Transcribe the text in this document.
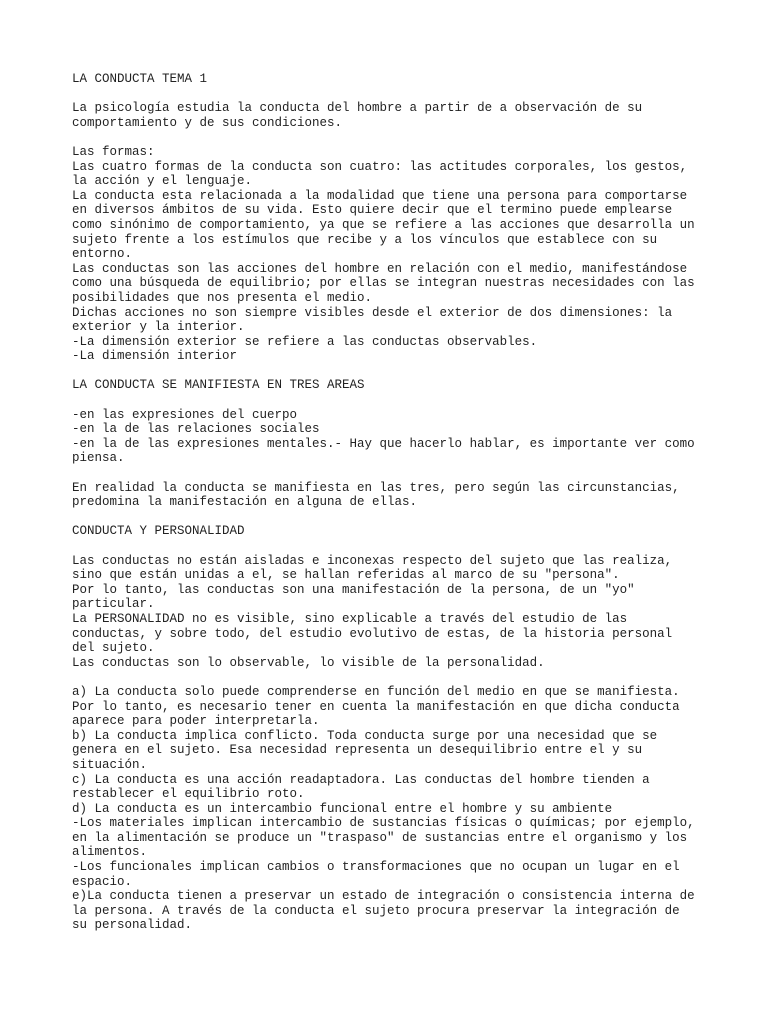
LA CONDUCTA TEMA 1
La psicología estudia la conducta del hombre a partir de a observación de su
comportamiento y de sus condiciones.
Las formas:
Las cuatro formas de la conducta son cuatro: las actitudes corporales, los gestos,
la acción y el lenguaje.
La conducta esta relacionada a la modalidad que tiene una persona para comportarse
en diversos ámbitos de su vida. Esto quiere decir que el termino puede emplearse
como sinónimo de comportamiento, ya que se refiere a las acciones que desarrolla un
sujeto frente a los estímulos que recibe y a los vínculos que establece con su
entorno.
Las conductas son las acciones del hombre en relación con el medio, manifestándose
como una búsqueda de equilibrio; por ellas se integran nuestras necesidades con las
posibilidades que nos presenta el medio.
Dichas acciones no son siempre visibles desde el exterior de dos dimensiones: la
exterior y la interior.
-La dimensión exterior se refiere a las conductas observables.
-La dimensión interior
LA CONDUCTA SE MANIFIESTA EN TRES AREAS
-en las expresiones del cuerpo
-en la de las relaciones sociales
-en la de las expresiones mentales.- Hay que hacerlo hablar, es importante ver como
piensa.
En realidad la conducta se manifiesta en las tres, pero según las circunstancias,
predomina la manifestación en alguna de ellas.
CONDUCTA Y PERSONALIDAD
Las conductas no están aisladas e inconexas respecto del sujeto que las realiza,
sino que están unidas a el, se hallan referidas al marco de su "persona".
Por lo tanto, las conductas son una manifestación de la persona, de un "yo"
particular.
La PERSONALIDAD no es visible, sino explicable a través del estudio de las
conductas, y sobre todo, del estudio evolutivo de estas, de la historia personal
del sujeto.
Las conductas son lo observable, lo visible de la personalidad.
a) La conducta solo puede comprenderse en función del medio en que se manifiesta.
Por lo tanto, es necesario tener en cuenta la manifestación en que dicha conducta
aparece para poder interpretarla.
b) La conducta implica conflicto. Toda conducta surge por una necesidad que se
genera en el sujeto. Esa necesidad representa un desequilibrio entre el y su
situación.
c) La conducta es una acción readaptadora. Las conductas del hombre tienden a
restablecer el equilibrio roto.
d) La conducta es un intercambio funcional entre el hombre y su ambiente
-Los materiales implican intercambio de sustancias físicas o químicas; por ejemplo,
en la alimentación se produce un "traspaso" de sustancias entre el organismo y los
alimentos.
-Los funcionales implican cambios o transformaciones que no ocupan un lugar en el
espacio.
e)La conducta tienen a preservar un estado de integración o consistencia interna de
la persona. A través de la conducta el sujeto procura preservar la integración de
su personalidad.
